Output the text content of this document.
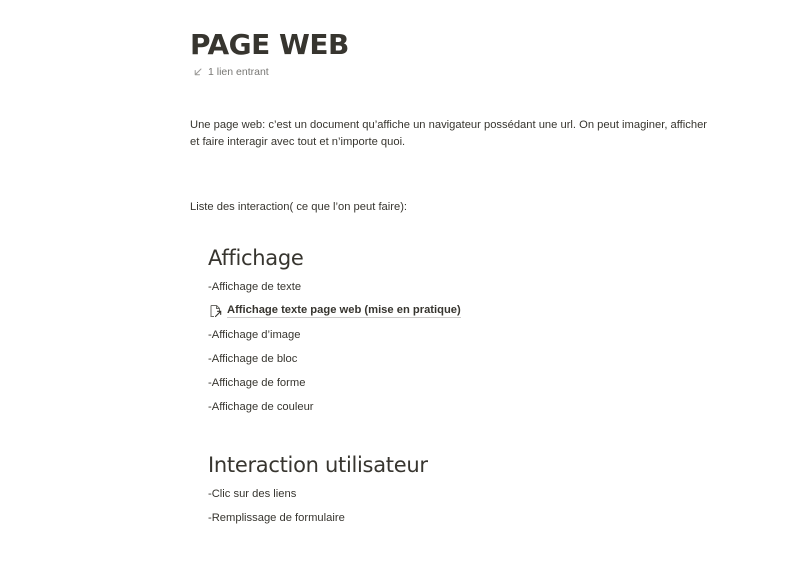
PAGE WEB
1 lien entrant

Une page web: c’est un document qu’affiche un navigateur possédant une url. On peut imaginer, afficher et faire interagir avec tout et n’importe quoi.

Liste des interaction( ce que l’on peut faire):

Affichage
-Affichage de texte
Affichage texte page web (mise en pratique)
-Affichage d’image
-Affichage de bloc
-Affichage de forme
-Affichage de couleur
Interaction utilisateur
-Clic sur des liens
-Remplissage de formulaire
